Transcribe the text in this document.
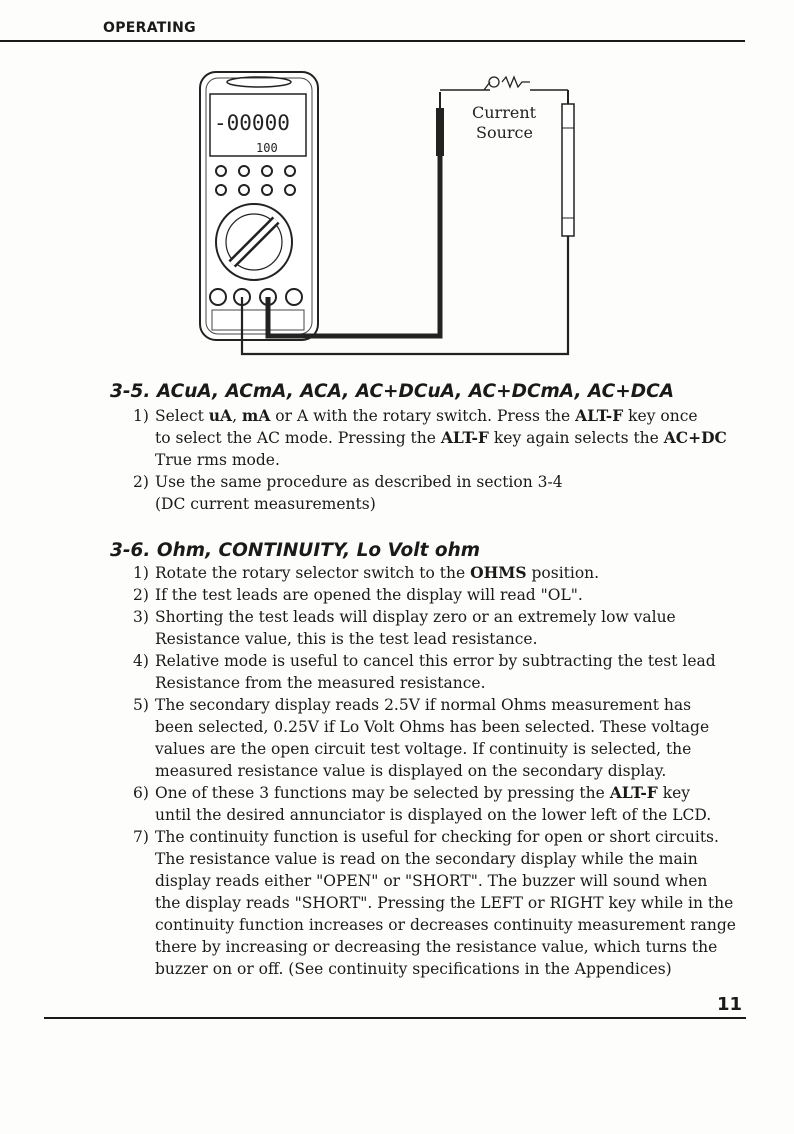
OPERATING
-00000
100
Current
Source
3-5. ACuA, ACmA, ACA, AC+DCuA, AC+DCmA, AC+DCA
1) Select uA, mA or A with the rotary switch. Press the ALT-F key once
to select the AC mode. Pressing the ALT-F key again selects the AC+DC
True rms mode.
2) Use the same procedure as described in section 3-4
(DC current measurements)
3-6. Ohm, CONTINUITY, Lo Volt ohm
1) Rotate the rotary selector switch to the OHMS position.
2) If the test leads are opened the display will read "OL".
3) Shorting the test leads will display zero or an extremely low value
Resistance value, this is the test lead resistance.
4) Relative mode is useful to cancel this error by subtracting the test lead
Resistance from the measured resistance.
5) The secondary display reads 2.5V if normal Ohms measurement has
been selected, 0.25V if Lo Volt Ohms has been selected. These voltage
values are the open circuit test voltage. If continuity is selected, the
measured resistance value is displayed on the secondary display.
6) One of these 3 functions may be selected by pressing the ALT-F key
until the desired annunciator is displayed on the lower left of the LCD.
7) The continuity function is useful for checking for open or short circuits.
The resistance value is read on the secondary display while the main
display reads either "OPEN" or "SHORT". The buzzer will sound when
the display reads "SHORT". Pressing the LEFT or RIGHT key while in the
continuity function increases or decreases continuity measurement range
there by increasing or decreasing the resistance value, which turns the
buzzer on or off. (See continuity specifications in the Appendices)
11
